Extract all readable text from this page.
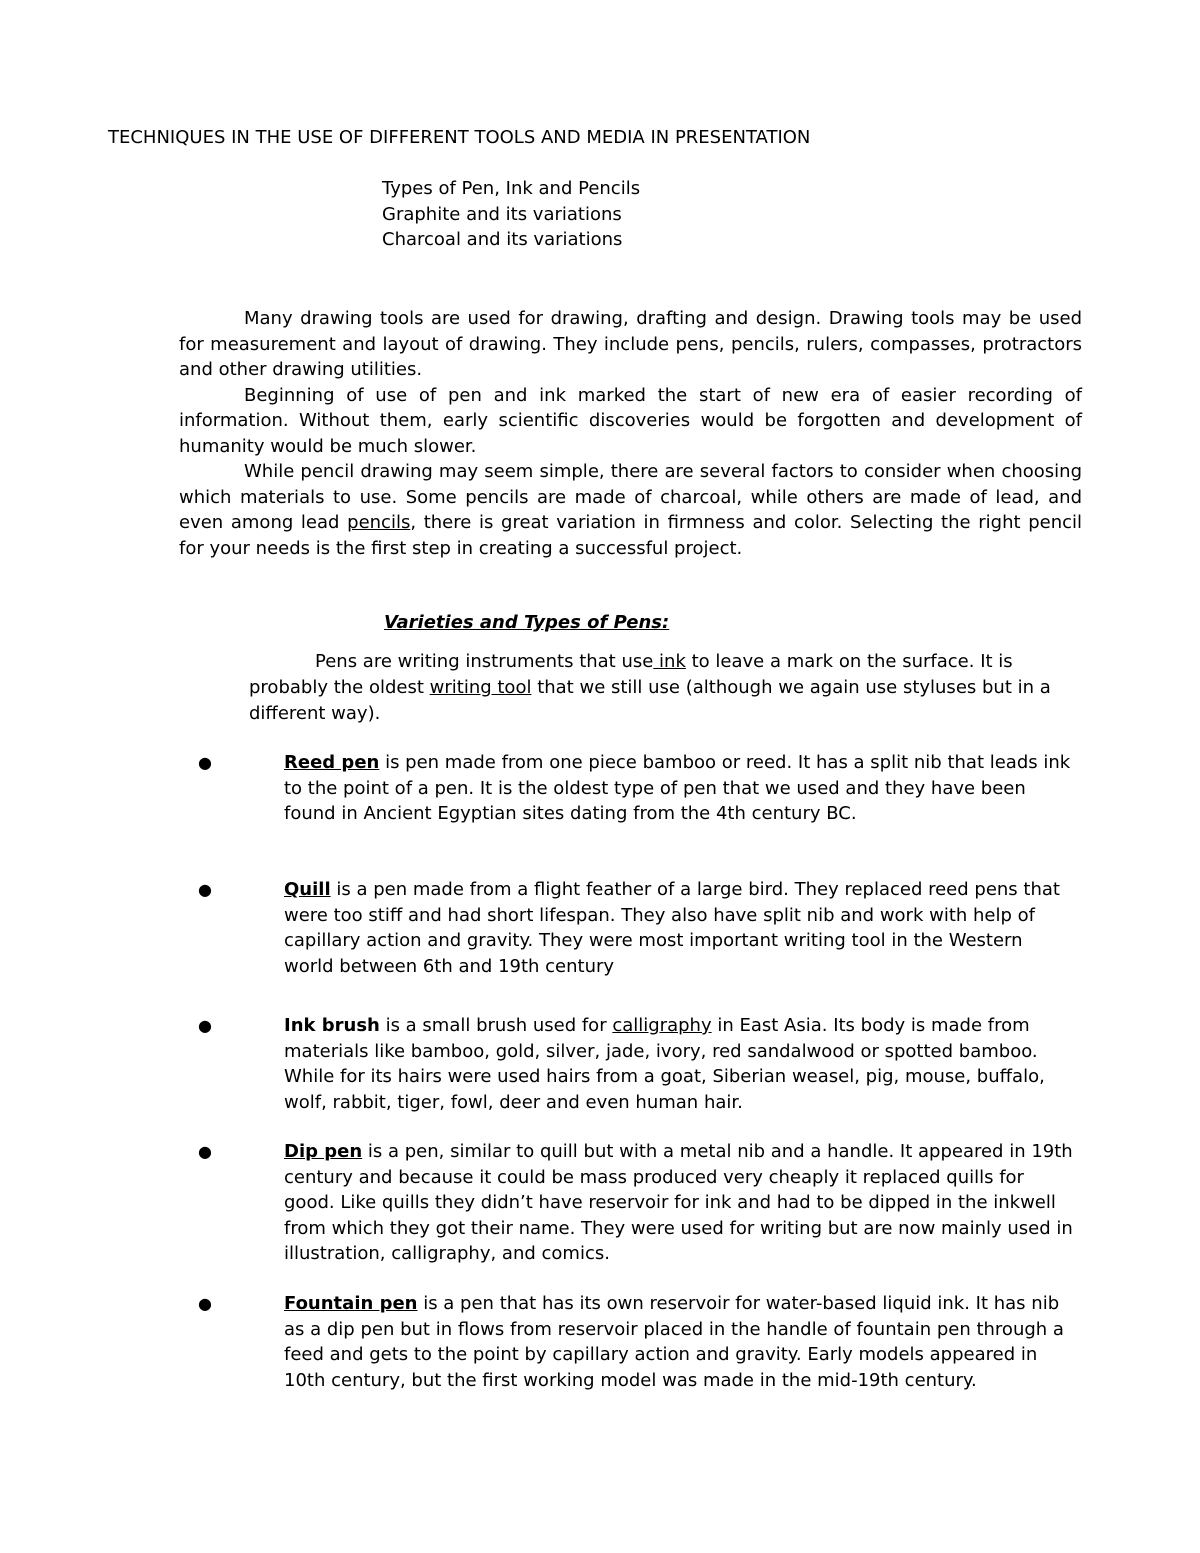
TECHNIQUES IN THE USE OF DIFFERENT TOOLS AND MEDIA IN PRESENTATION
Types of Pen, Ink and Pencils
Graphite and its variations
Charcoal and its variations

Many drawing tools are used for drawing, drafting and design. Drawing tools may be used for measurement and layout of drawing. They include pens, pencils, rulers, compasses, protractors and other drawing utilities.

Beginning of use of pen and ink marked the start of new era of easier recording of information. Without them, early scientific discoveries would be forgotten and development of humanity would be much slower.

While pencil drawing may seem simple, there are several factors to consider when choosing which materials to use. Some pencils are made of charcoal, while others are made of lead, and even among lead pencils, there is great variation in firmness and color. Selecting the right pencil for your needs is the first step in creating a successful project.

Varieties and Types of Pens:

Pens are writing instruments that use ink to leave a mark on the surface. It is probably the oldest writing tool that we still use (although we again use styluses but in a different way).

●	Reed pen is pen made from one piece bamboo or reed. It has a split nib that leads ink to the point of a pen. It is the oldest type of pen that we used and they have been found in Ancient Egyptian sites dating from the 4th century BC.
●	Quill is a pen made from a flight feather of a large bird. They replaced reed pens that were too stiff and had short lifespan. They also have split nib and work with help of capillary action and gravity. They were most important writing tool in the Western world between 6th and 19th century
●	Ink brush is a small brush used for calligraphy in East Asia. Its body is made from materials like bamboo, gold, silver, jade, ivory, red sandalwood or spotted bamboo. While for its hairs were used hairs from a goat, Siberian weasel, pig, mouse, buffalo, wolf, rabbit, tiger, fowl, deer and even human hair.
●	Dip pen is a pen, similar to quill but with a metal nib and a handle. It appeared in 19th century and because it could be mass produced very cheaply it replaced quills for good. Like quills they didn’t have reservoir for ink and had to be dipped in the inkwell from which they got their name. They were used for writing but are now mainly used in illustration, calligraphy, and comics.
●	Fountain pen is a pen that has its own reservoir for water-based liquid ink. It has nib as a dip pen but in flows from reservoir placed in the handle of fountain pen through a feed and gets to the point by capillary action and gravity. Early models appeared in 10th century, but the first working model was made in the mid-19th century.
